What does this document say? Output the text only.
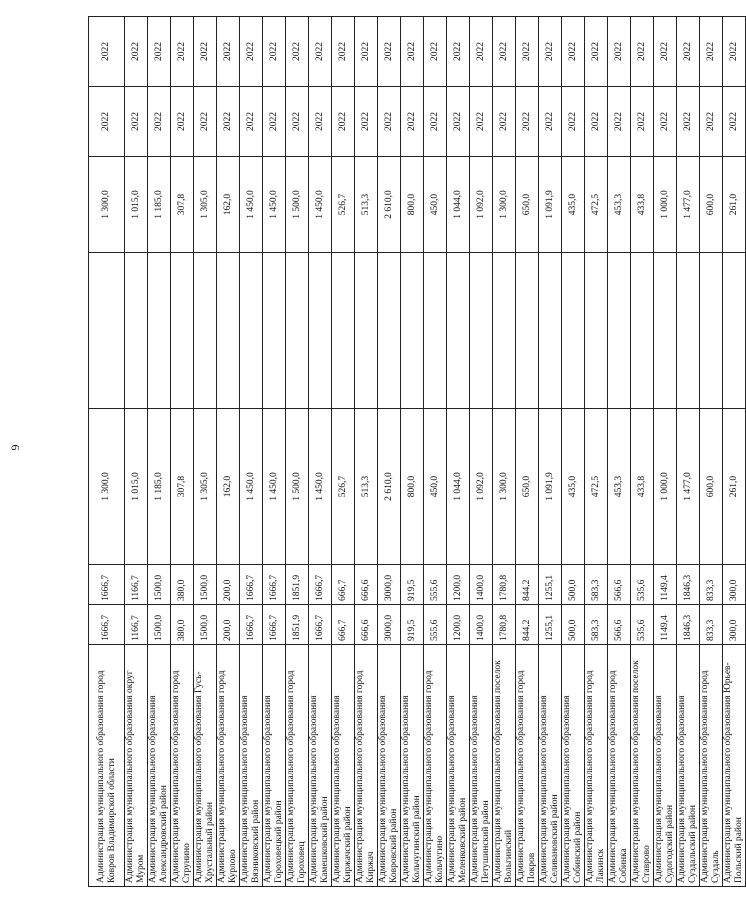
6
Администрация муниципального образования город Ковров Владимирской области	1666,7	1666,7	1 300,0		1 300,0	2022	2022
Администрация муниципального образования округ Муром	1166,7	1166,7	1 015,0		1 015,0	2022	2022
Администрация муниципального образования Александровский район	1500,0	1500,0	1 185,0		1 185,0	2022	2022
Администрация муниципального образования город Струнино	380,0	380,0	307,8		307,8	2022	2022
Администрация муниципального образования Гусь-Хрустальный район	1500,0	1500,0	1 305,0		1 305,0	2022	2022
Администрация муниципального образования город Курлово	200,0	200,0	162,0		162,0	2022	2022
Администрация муниципального образования Вязниковский район	1666,7	1666,7	1 450,0		1 450,0	2022	2022
Администрация муниципального образования Гороховецкий район	1666,7	1666,7	1 450,0		1 450,0	2022	2022
Администрация муниципального образования город Гороховец	1851,9	1851,9	1 500,0		1 500,0	2022	2022
Администрация муниципального образования Камешковский район	1666,7	1666,7	1 450,0		1 450,0	2022	2022
Администрация муниципального образования Киржачский район	666,7	666,7	526,7		526,7	2022	2022
Администрация муниципального образования город Киржач	666,6	666,6	513,3		513,3	2022	2022
Администрация муниципального образования Ковровский район	3000,0	3000,0	2 610,0		2 610,0	2022	2022
Администрация муниципального образования Кольчугинский район	919,5	919,5	800,0		800,0	2022	2022
Администрация муниципального образования город Кольчугино	555,6	555,6	450,0		450,0	2022	2022
Администрация муниципального образования Меленковский район	1200,0	1200,0	1 044,0		1 044,0	2022	2022
Администрация муниципального образования Петушинский район	1400,0	1400,0	1 092,0		1 092,0	2022	2022
Администрация муниципального образования поселок Вольгинский	1780,8	1780,8	1 300,0		1 300,0	2022	2022
Администрация муниципального образования город Покров	844,2	844,2	650,0		650,0	2022	2022
Администрация муниципального образования Селивановский район	1255,1	1255,1	1 091,9		1 091,9	2022	2022
Администрация муниципального образования Собинский район	500,0	500,0	435,0		435,0	2022	2022
Администрация муниципального образования город Лакинск	583,3	583,3	472,5		472,5	2022	2022
Администрация муниципального образования город Собинка	566,6	566,6	453,3		453,3	2022	2022
Администрация муниципального образования поселок Ставрово	535,6	535,6	433,8		433,8	2022	2022
Администрация муниципального образования Судогодский район	1149,4	1149,4	1 000,0		1 000,0	2022	2022
Администрация муниципального образования Суздальский район	1846,3	1846,3	1 477,0		1 477,0	2022	2022
Администрация муниципального образования город Суздаль	833,3	833,3	600,0		600,0	2022	2022
Администрация муниципального образования Юрьев-Польский район	300,0	300,0	261,0		261,0	2022	2022
